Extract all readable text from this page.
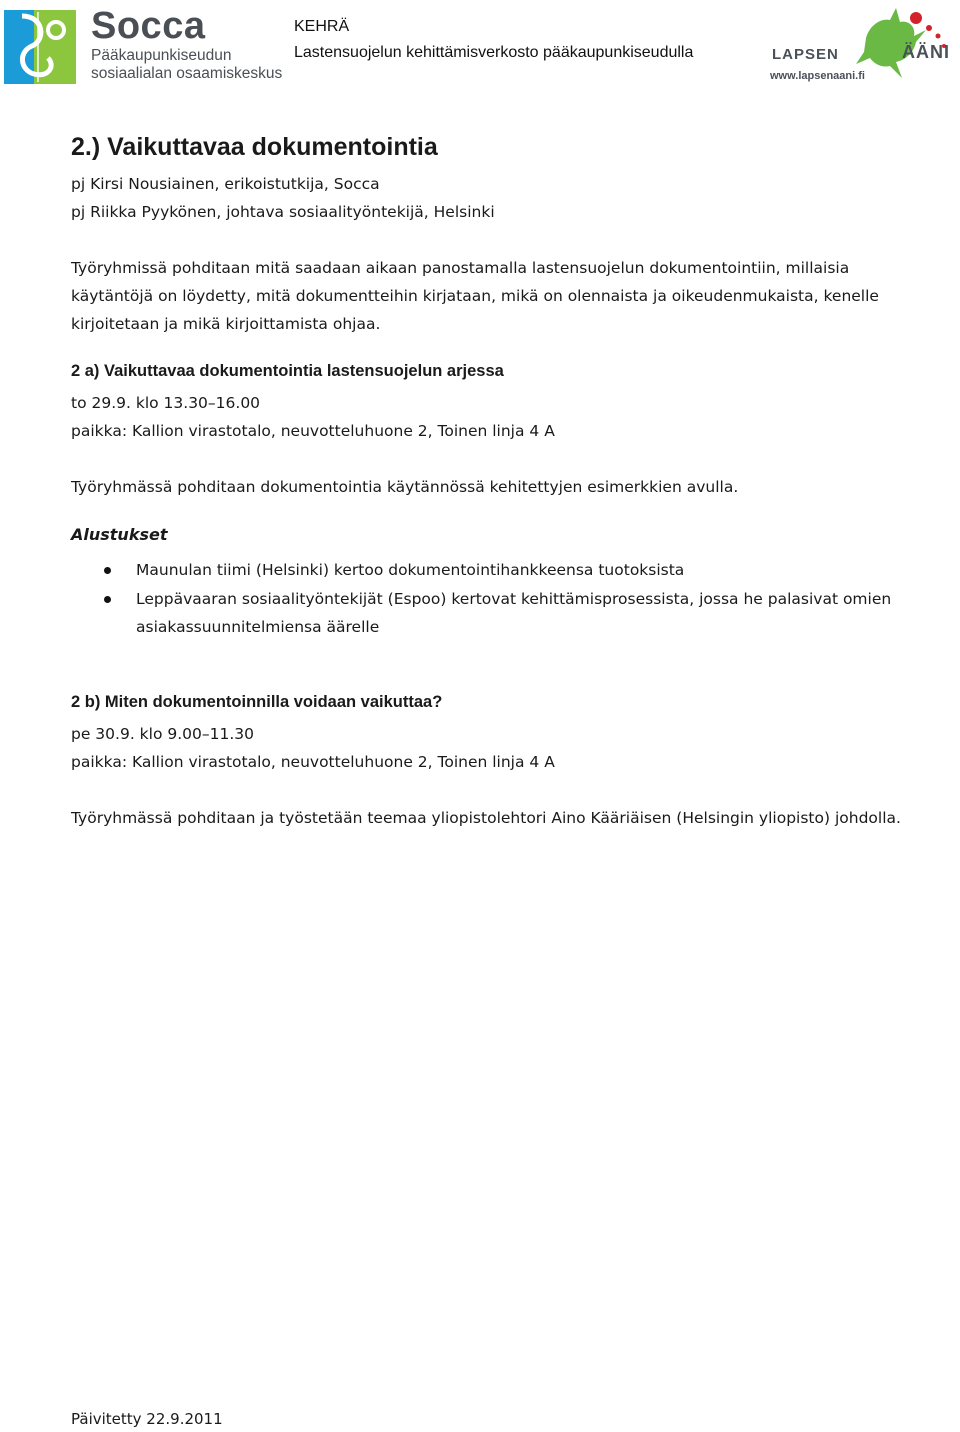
Socca
Pääkaupunkiseudun
sosiaalialan osaamiskeskus
KEHRÄ
Lastensuojelun kehittämisverkosto pääkaupunkiseudulla	LAPSEN	ÄÄNI
www.lapsenaani.fi
2.) Vaikuttavaa dokumentointia
pj Kirsi Nousiainen, erikoistutkija, Socca
pj Riikka Pyykönen, johtava sosiaalityöntekijä, Helsinki
Työryhmissä pohditaan mitä saadaan aikaan panostamalla lastensuojelun dokumentointiin, millaisia
käytäntöjä on löydetty, mitä dokumentteihin kirjataan, mikä on olennaista ja oikeudenmukaista, kenelle
kirjoitetaan ja mikä kirjoittamista ohjaa.
2 a) Vaikuttavaa dokumentointia lastensuojelun arjessa
to 29.9. klo 13.30–16.00
paikka: Kallion virastotalo, neuvotteluhuone 2, Toinen linja 4 A
Työryhmässä pohditaan dokumentointia käytännössä kehitettyjen esimerkkien avulla.
Alustukset
Maunulan tiimi (Helsinki) kertoo dokumentointihankkeensa tuotoksista
Leppävaaran sosiaalityöntekijät (Espoo) kertovat kehittämisprosessista, jossa he palasivat omien
asiakassuunnitelmiensa äärelle
2 b) Miten dokumentoinnilla voidaan vaikuttaa?
pe 30.9. klo 9.00–11.30
paikka: Kallion virastotalo, neuvotteluhuone 2, Toinen linja 4 A
Työryhmässä pohditaan ja työstetään teemaa yliopistolehtori Aino Kääriäisen (Helsingin yliopisto) johdolla.
Päivitetty 22.9.2011
